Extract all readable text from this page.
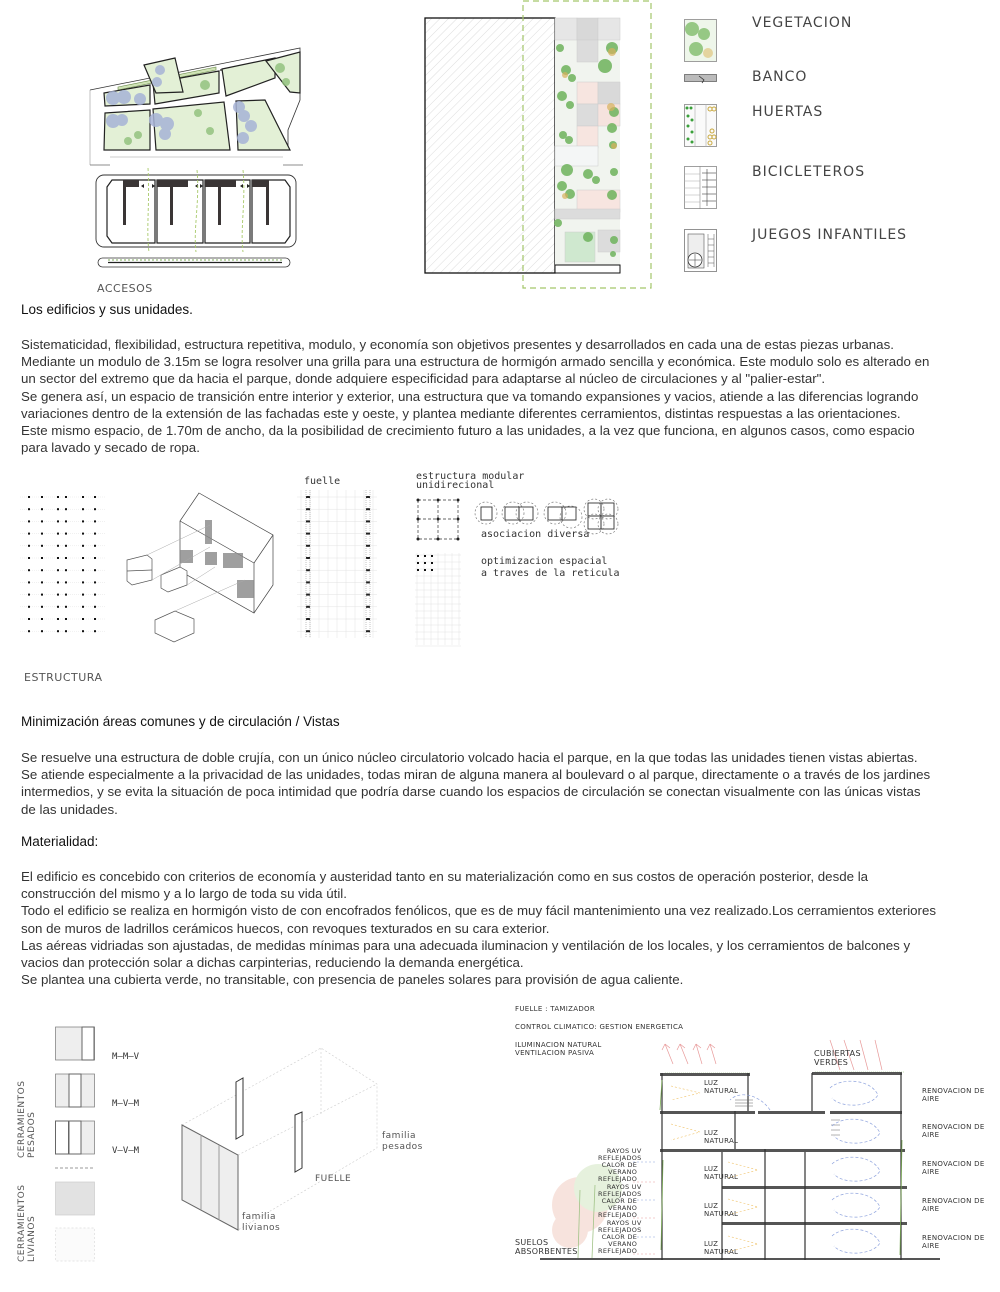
ACCESOS
VEGETACION
BANCO
HUERTAS
BICICLETEROS
JUEGOS INFANTILES
Los edificios y sus unidades.
Sistematicidad, flexibilidad, estructura repetitiva, modulo, y economía son objetivos presentes y desarrollados en cada una de estas piezas urbanas.
Mediante un modulo de 3.15m se logra resolver una grilla para una estructura de hormigón armado sencilla y económica. Este modulo solo es alterado en
un sector del extremo que da hacia el parque, donde adquiere especificidad para adaptarse al núcleo de circulaciones y al "palier-estar".
Se genera así, un espacio de transición entre interior y exterior, una estructura que va tomando expansiones y vacios, atiende a las diferencias logrando
variaciones dentro de la extensión de las fachadas este y oeste, y plantea mediante diferentes cerramientos, distintas respuestas a las orientaciones.
Este mismo espacio, de 1.70m de ancho, da la posibilidad de crecimiento futuro a las unidades, a la vez que funciona, en algunos casos, como espacio
para lavado y secado de ropa.
fuelle	estructura modular
unidirecional
asociacion diversa
optimizacion espacial
a traves de la reticula
ESTRUCTURA
Minimización áreas comunes y de circulación / Vistas
Se resuelve una estructura de doble crujía, con un único núcleo circulatorio volcado hacia el parque, en la que todas las unidades tienen vistas abiertas.
Se atiende especialmente a la privacidad de las unidades, todas miran de alguna manera al boulevard o al parque, directamente o a través de los jardines
intermedios, y se evita la situación de poca intimidad que podría darse cuando los espacios de circulación se conectan visualmente con las únicas vistas
de las unidades.
Materialidad:
El edificio es concebido con criterios de economía y austeridad tanto en su materialización como en sus costos de operación posterior, desde la
construcción del mismo y a lo largo de toda su vida útil.
Todo el edificio se realiza en hormigón visto de con encofrados fenólicos, que es de muy fácil mantenimiento una vez realizado.Los cerramientos exteriores
son de muros de ladrillos cerámicos huecos, con revoques texturados en su cara exterior.
Las aéreas vidriadas son ajustadas, de medidas mínimas para una adecuada iluminacion y ventilación de los locales, y los cerramientos de balcones y
vacios dan protección solar a dichas carpinterias, reduciendo la demanda energética.
Se plantea una cubierta verde, no transitable, con presencia de paneles solares para provisión de agua caliente.
CERRAMIENTOS PESADOS
CERRAMIENTOS LIVIANOS
M–M–V
M–V–M
V–V–M
familia
pesados
FUELLE
familia
livianos
FUELLE : TAMIZADOR
CONTROL CLIMATICO: GESTION ENERGETICA
ILUMINACION NATURAL
VENTILACION PASIVA	CUBIERTAS
VERDES
LUZ
NATURAL
LUZ
NATURAL
LUZ
NATURAL
LUZ
NATURAL
LUZ
NATURAL
RENOVACION DE
AIRE
RENOVACION DE
AIRE
RENOVACION DE
AIRE
RENOVACION DE
AIRE
RENOVACION DE
AIRE
RAYOS UV
REFLEJADOS
CALOR DE
VERANO
REFLEJADO
RAYOS UV
REFLEJADOS
CALOR DE
VERANO
REFLEJADO
RAYOS UV
REFLEJADOS
CALOR DE
VERANO
REFLEJADO
SUELOS
ABSORBENTES
